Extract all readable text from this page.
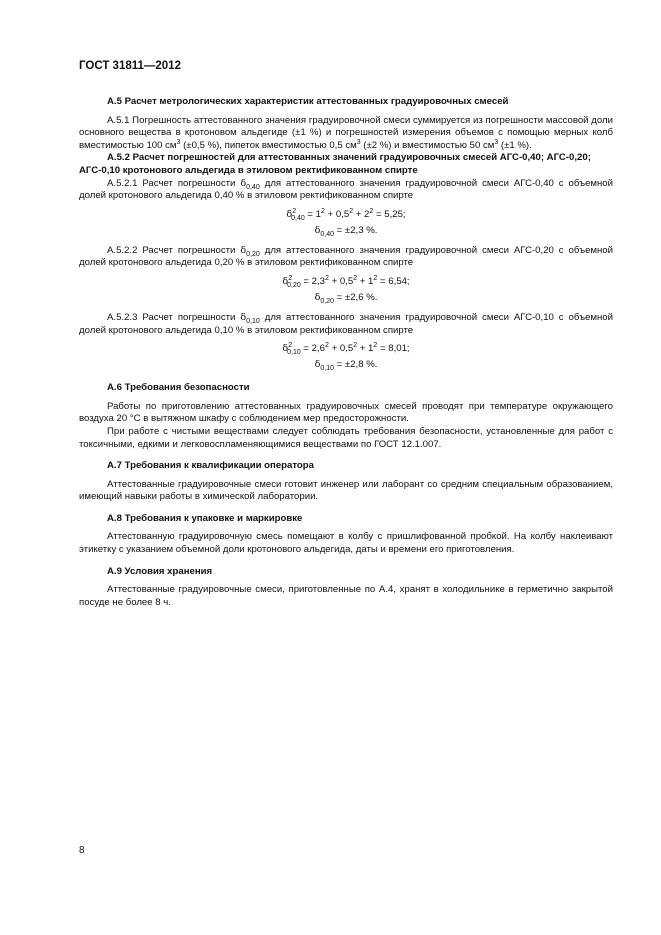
ГОСТ 31811—2012
А.5 Расчет метрологических характеристик аттестованных градуировочных смесей
А.5.1 Погрешность аттестованного значения градуировочной смеси суммируется из погрешности массовой доли основного вещества в кротоновом альдегиде (±1 %) и погрешностей измерения объемов с помощью мерных колб вместимостью 100 $см^3$ (±0,5 %), пипеток вместимостью 0,5 $см^3$ (±2 %) и вместимостью 50 $см^3$ (±1 %).
А.5.2 Расчет погрешностей для аттестованных значений градуировочных смесей АГС-0,40; АГС-0,20; АГС-0,10 кротонового альдегида в этиловом ректификованном спирте
А.5.2.1 Расчет погрешности $\delta_{0,40}$ для аттестованного значения градуировочной смеси АГС-0,40 с объемной долей кротонового альдегида 0,40 % в этиловом ректификованном спирте
$\delta^2_{0,40} = 1^2 + 0,5^2 + 2^2 = 5,25$;
$\delta_{0,40} = \pm 2,3$ %.
А.5.2.2 Расчет погрешности $\delta_{0,20}$ для аттестованного значения градуировочной смеси АГС-0,20 с объемной долей кротонового альдегида 0,20 % в этиловом ректификованном спирте
$\delta^2_{0,20} = 2,3^2 + 0,5^2 + 1^2 = 6,54$;
$\delta_{0,20} = \pm 2,6$ %.
А.5.2.3 Расчет погрешности $\delta_{0,10}$ для аттестованного значения градуировочной смеси АГС-0,10 с объемной долей кротонового альдегида 0,10 % в этиловом ректификованном спирте
$\delta^2_{0,10} = 2,6^2 + 0,5^2 + 1^2 = 8,01$;
$\delta_{0,10} = \pm 2,8$ %.
А.6 Требования безопасности
Работы по приготовлению аттестованных градуировочных смесей проводят при температуре окружающего воздуха 20 °С в вытяжном шкафу с соблюдением мер предосторожности.
При работе с чистыми веществами следует соблюдать требования безопасности, установленные для работ с токсичными, едкими и легковоспламеняющимися веществами по ГОСТ 12.1.007.
А.7 Требования к квалификации оператора
Аттестованные градуировочные смеси готовит инженер или лаборант со средним специальным образованием, имеющий навыки работы в химической лаборатории.
А.8 Требования к упаковке и маркировке
Аттестованную градуировочную смесь помещают в колбу с пришлифованной пробкой. На колбу наклеивают этикетку с указанием объемной доли кротонового альдегида, даты и времени его приготовления.
А.9 Условия хранения
Аттестованные градуировочные смеси, приготовленные по А.4, хранят в холодильнике в герметично закрытой посуде не более 8 ч.
8
